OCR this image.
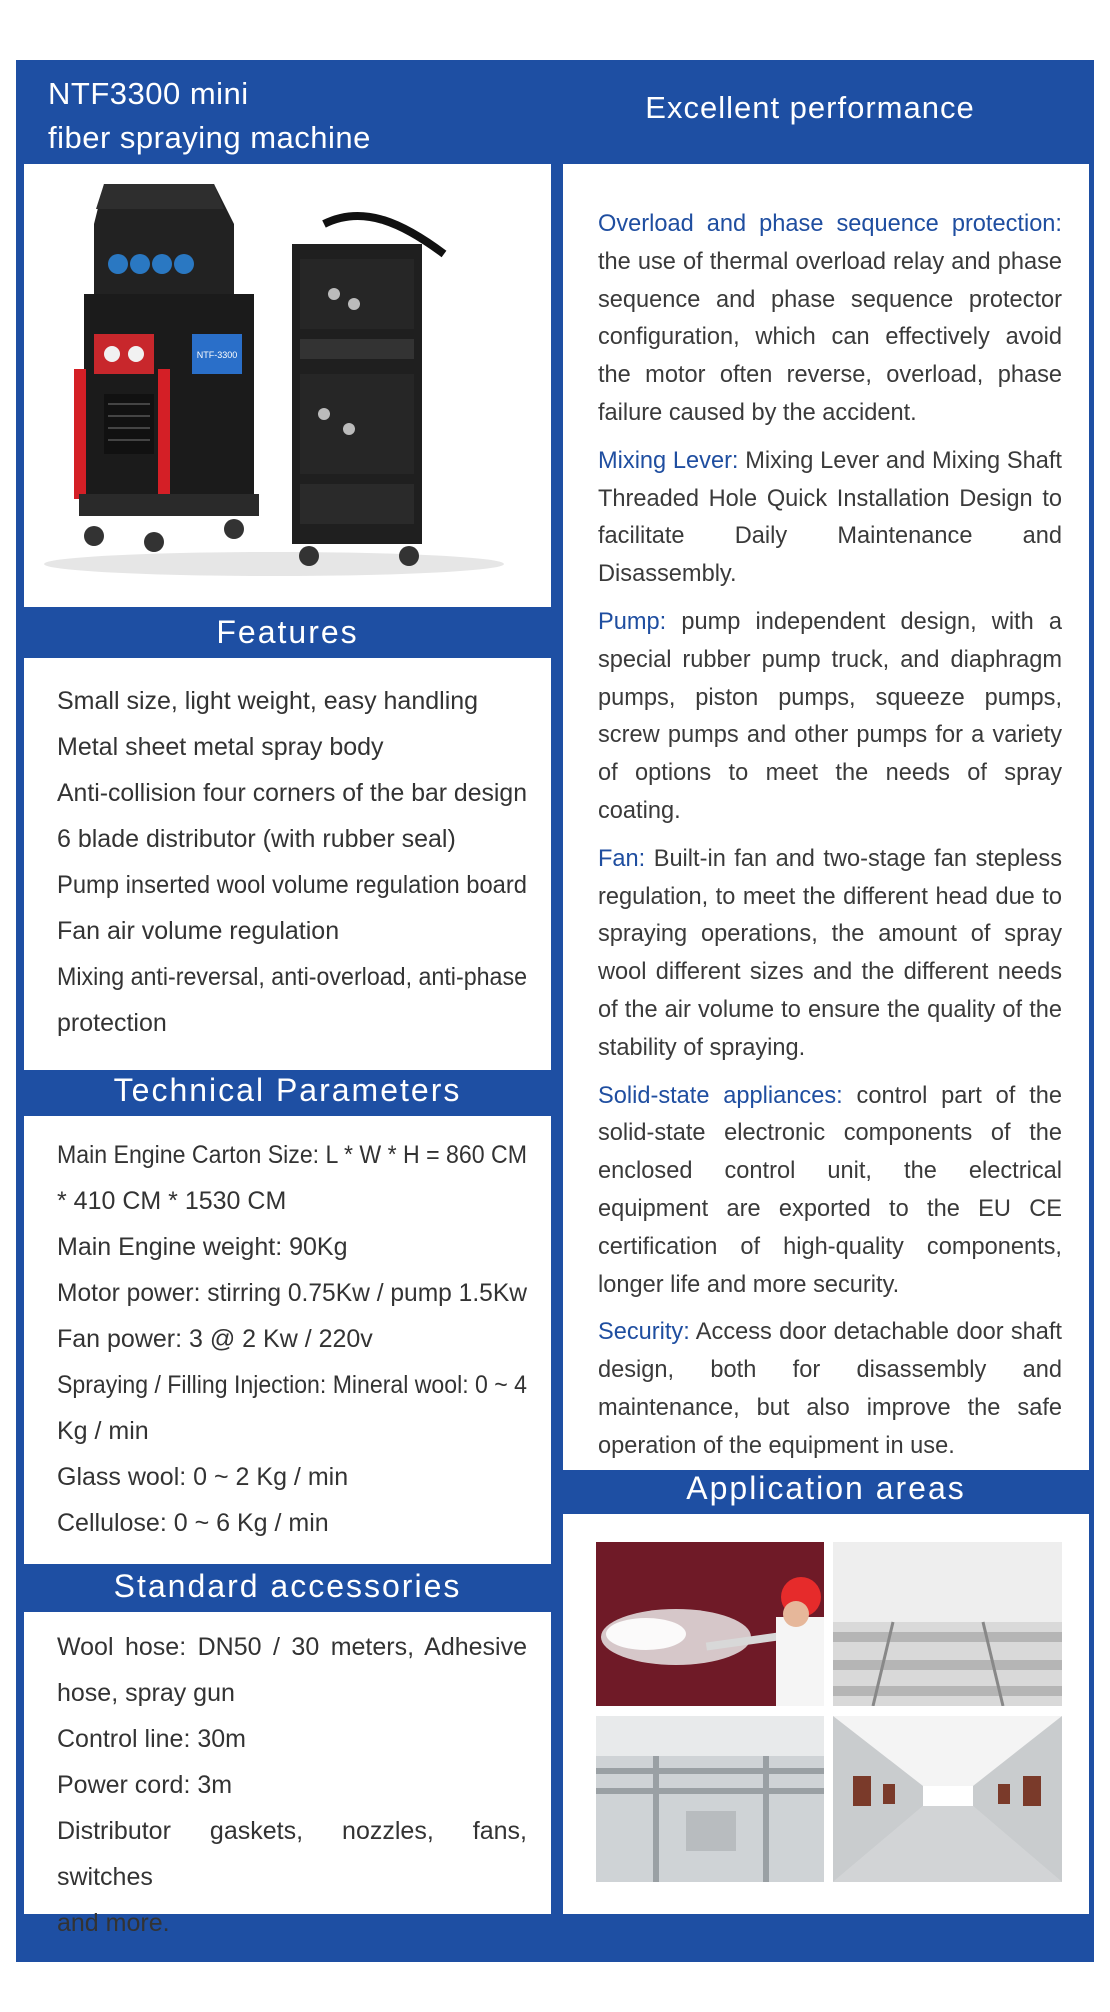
NTF3300 mini
fiber spraying machine
Excellent performance
NTF-3300
Features
Small size, light weight, easy handling
Metal sheet metal spray body
Anti-collision four corners of the bar design
6 blade distributor (with rubber seal)
Pump inserted wool volume regulation board
Fan air volume regulation
Mixing anti-reversal, anti-overload, anti-phase
protection
Technical Parameters
Main Engine Carton Size: L * W * H = 860 CM
* 410 CM * 1530 CM
Main Engine weight: 90Kg
Motor power: stirring 0.75Kw / pump 1.5Kw
Fan power: 3 @ 2 Kw / 220v
Spraying / Filling Injection: Mineral wool: 0 ~ 4
Kg / min
Glass wool: 0 ~ 2 Kg / min
Cellulose: 0 ~ 6 Kg / min
Standard accessories
Wool hose: DN50 / 30 meters, Adhesive
hose, spray gun
Control line: 30m
Power cord: 3m
Distributor gaskets, nozzles, fans, switches
and more.

Overload and phase sequence protection: the use of thermal overload relay and phase sequence and phase sequence protector configuration, which can effectively avoid the motor often reverse, overload, phase failure caused by the accident.

Mixing Lever: Mixing Lever and Mixing Shaft Threaded Hole Quick Installation Design to facilitate Daily Maintenance and Disassembly.

Pump: pump independent design, with a special rubber pump truck, and diaphragm pumps, piston pumps, squeeze pumps, screw pumps and other pumps for a variety of options to meet the needs of spray coating.

Fan: Built-in fan and two-stage fan stepless regulation, to meet the different head due to spraying operations, the amount of spray wool different sizes and the different needs of the air volume to ensure the quality of the stability of spraying.

Solid-state appliances: control part of the solid-state electronic components of the enclosed control unit, the electrical equipment are exported to the EU CE certification of high-quality components, longer life and more security.

Security: Access door detachable door shaft design, both for disassembly and maintenance, but also improve the safe operation of the equipment in use.

Application areas
